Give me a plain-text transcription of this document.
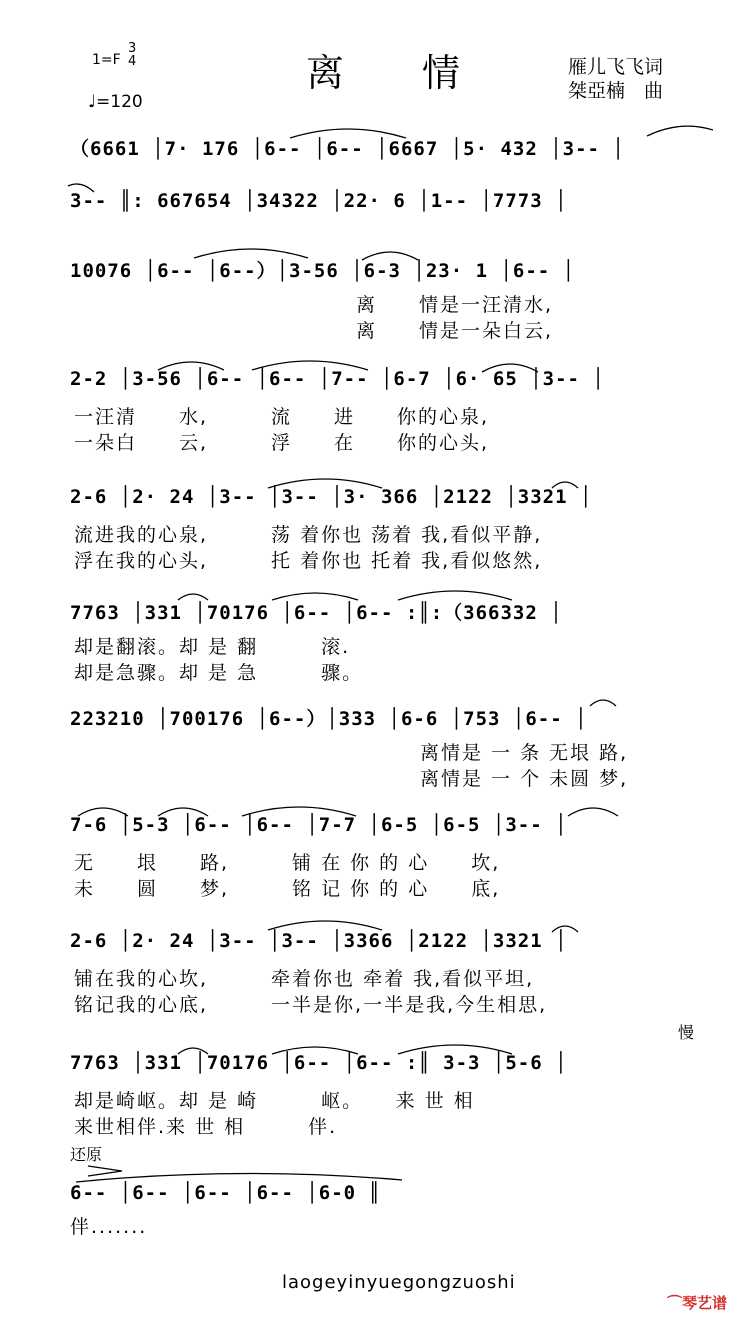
1=F
3
4
♩=120
离情 雁儿飞飞词
桀亞楠　曲
（6661 │7· 176 │6-- │6-- │6667 │5· 432 │3-- │
3-- ║: 667654 │34322 │22· 6 │1-- │7773 │
10076 │6-- │6--）│3-56 │6-3 │23· 1 │6-- │
离　　情是一汪清水,
离　　情是一朵白云,
2-2 │3-56 │6-- │6-- │7-- │6-7 │6· 65 │3-- │
一汪清　　水,　　　流　　进　　你的心泉,
一朵白　　云,　　　浮　　在　　你的心头,
2-6 │2· 24 │3-- │3-- │3· 366 │2122 │3321 │
流进我的心泉,　　　荡 着你也 荡着 我,看似平静,
浮在我的心头,　　　托 着你也 托着 我,看似悠然,
7763 │331 │70176 │6-- │6-- :║:（366332 │
却是翻滚。却 是 翻　　　滚.
却是急骤。却 是 急　　　骤。
223210 │700176 │6--）│333 │6-6 │753 │6-- │
离情是 一 条 无垠 路,
离情是 一 个 未圆 梦,
7-6 │5-3 │6-- │6-- │7-7 │6-5 │6-5 │3-- │
无　　垠　　路,　　　铺 在 你 的 心　　坎,
未　　圆　　梦,　　　铭 记 你 的 心　　底,
2-6 │2· 24 │3-- │3-- │3366 │2122 │3321 │
铺在我的心坎,　　　牵着你也 牵着 我,看似平坦,
铭记我的心底,　　　一半是你,一半是我,今生相思,
慢
7763 │331 │70176 │6-- │6-- :║ 3-3 │5-6 │
却是崎岖。却 是 崎　　　岖。　　来 世 相
来世相伴.来 世 相　　　伴.
还原
6-- │6-- │6-- │6-- │6-0 ║
伴.......
laogeyinyuegongzuoshi
⌒琴艺谱
